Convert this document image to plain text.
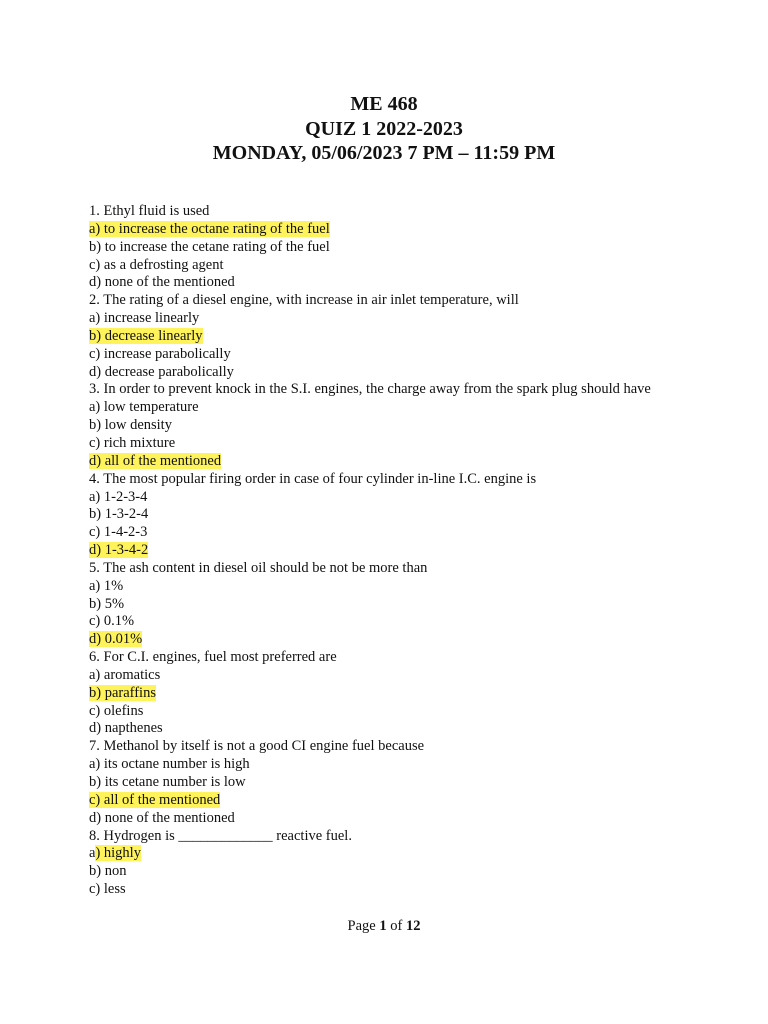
ME 468
QUIZ 1 2022-2023
MONDAY, 05/06/2023 7 PM – 11:59 PM
1. Ethyl fluid is used
a) to increase the octane rating of the fuel
b) to increase the cetane rating of the fuel
c) as a defrosting agent
d) none of the mentioned
2. The rating of a diesel engine, with increase in air inlet temperature, will
a) increase linearly
b) decrease linearly
c) increase parabolically
d) decrease parabolically
3. In order to prevent knock in the S.I. engines, the charge away from the spark plug should have
a) low temperature
b) low density
c) rich mixture
d) all of the mentioned
4. The most popular firing order in case of four cylinder in-line I.C. engine is
a) 1-2-3-4
b) 1-3-2-4
c) 1-4-2-3
d) 1-3-4-2
5. The ash content in diesel oil should be not be more than
a) 1%
b) 5%
c) 0.1%
d) 0.01%
6. For C.I. engines, fuel most preferred are
a) aromatics
b) paraffins
c) olefins
d) napthenes
7. Methanol by itself is not a good CI engine fuel because
a) its octane number is high
b) its cetane number is low
c) all of the mentioned
d) none of the mentioned
8. Hydrogen is _____________ reactive fuel.
a) highly
b) non
c) less
Page 1 of 12
